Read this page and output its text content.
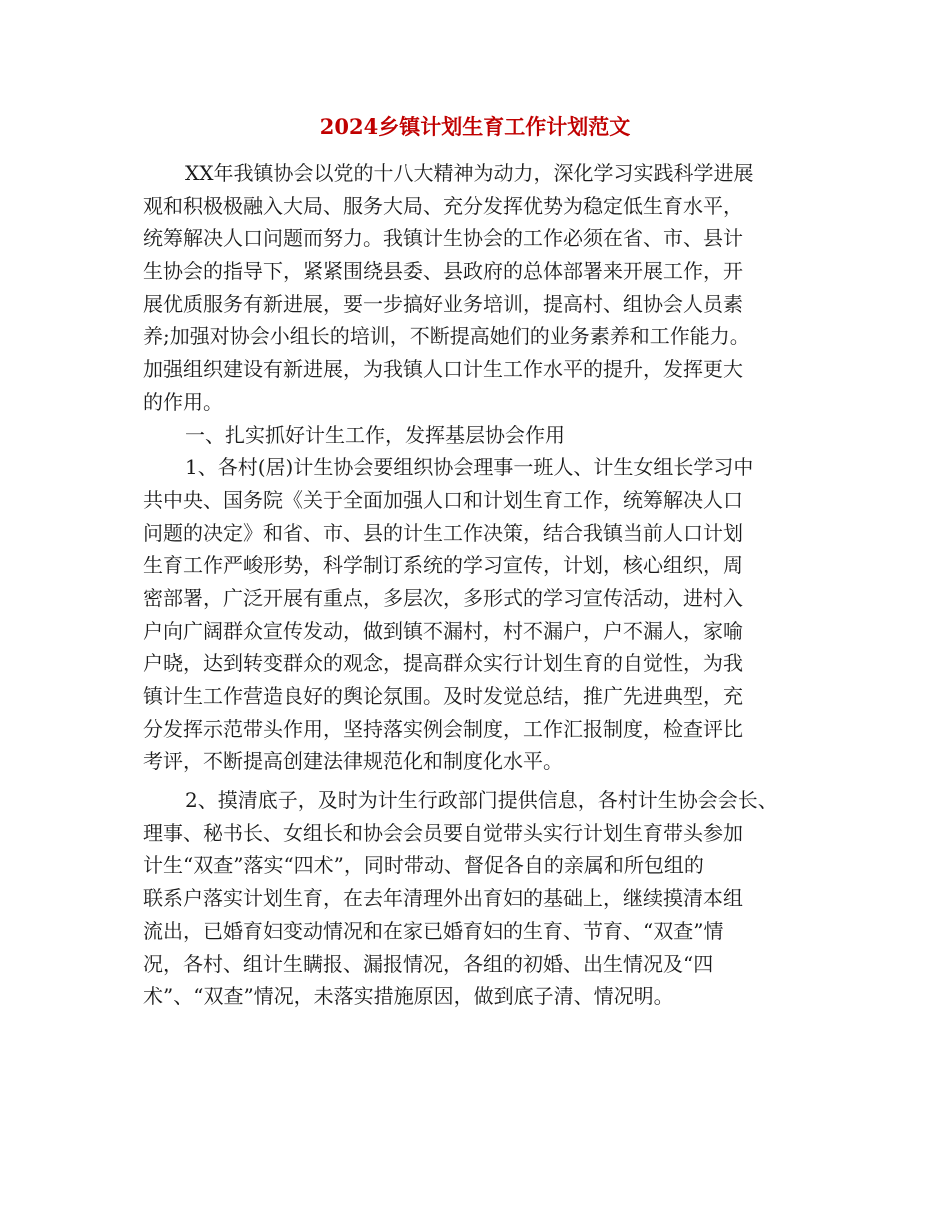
2024乡镇计划生育工作计划范文
XX年我镇协会以党的十八大精神为动力，深化学习实践科学进展
观和积极极融入大局、服务大局、充分发挥优势为稳定低生育水平，
统筹解决人口问题而努力。我镇计生协会的工作必须在省、市、县计
生协会的指导下，紧紧围绕县委、县政府的总体部署来开展工作，开
展优质服务有新进展，要一步搞好业务培训，提高村、组协会人员素
养;加强对协会小组长的培训，不断提高她们的业务素养和工作能力。
加强组织建设有新进展，为我镇人口计生工作水平的提升，发挥更大
的作用。
一、扎实抓好计生工作，发挥基层协会作用
1、各村(居)计生协会要组织协会理事一班人、计生女组长学习中
共中央、国务院《关于全面加强人口和计划生育工作，统筹解决人口
问题的决定》和省、市、县的计生工作决策，结合我镇当前人口计划
生育工作严峻形势，科学制订系统的学习宣传，计划，核心组织，周
密部署，广泛开展有重点，多层次，多形式的学习宣传活动，进村入
户向广阔群众宣传发动，做到镇不漏村，村不漏户，户不漏人，家喻
户晓，达到转变群众的观念，提高群众实行计划生育的自觉性，为我
镇计生工作营造良好的舆论氛围。及时发觉总结，推广先进典型，充
分发挥示范带头作用，坚持落实例会制度，工作汇报制度，检查评比
考评，不断提高创建法律规范化和制度化水平。
2、摸清底子，及时为计生行政部门提供信息，各村计生协会会长、
理事、秘书长、女组长和协会会员要自觉带头实行计划生育带头参加
计生“双查”落实“四术”，同时带动、督促各自的亲属和所包组的
联系户落实计划生育，在去年清理外出育妇的基础上，继续摸清本组
流出，已婚育妇变动情况和在家已婚育妇的生育、节育、“双查”情
况，各村、组计生瞒报、漏报情况，各组的初婚、出生情况及“四
术”、“双查”情况，未落实措施原因，做到底子清、情况明。
